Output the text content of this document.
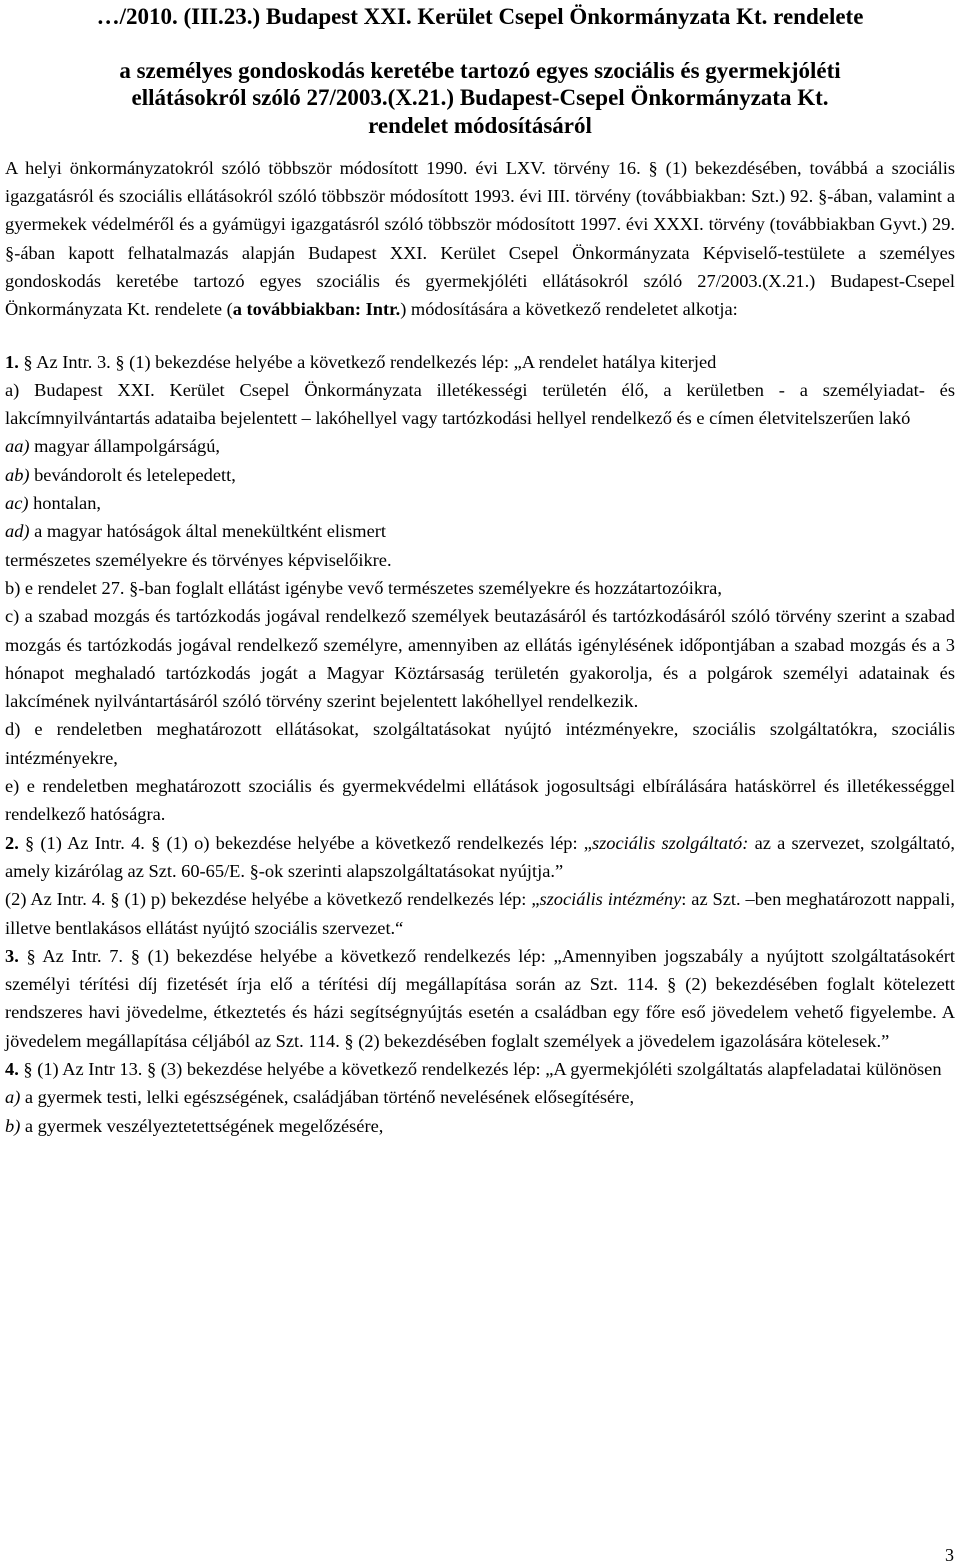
…/2010. (III.23.) Budapest XXI. Kerület Csepel Önkormányzata Kt. rendelete
a személyes gondoskodás keretébe tartozó egyes szociális és gyermekjóléti
ellátásokról szóló 27/2003.(X.21.) Budapest-Csepel Önkormányzata Kt.
rendelet módosításáról

A helyi önkormányzatokról szóló többször módosított 1990. évi LXV. törvény 16. § (1) bekezdésében, továbbá a szociális igazgatásról és szociális ellátásokról szóló többször módosított 1993. évi III. törvény (továbbiakban: Szt.) 92. §-ában, valamint a gyermekek védelméről és a gyámügyi igazgatásról szóló többször módosított 1997. évi XXXI. törvény (továbbiakban Gyvt.) 29. §-ában kapott felhatalmazás alapján Budapest XXI. Kerület Csepel Önkormányzata Képviselő-testülete a személyes gondoskodás keretébe tartozó egyes szociális és gyermekjóléti ellátásokról szóló 27/2003.(X.21.) Budapest-Csepel Önkormányzata Kt. rendelete (a továbbiakban: Intr.) módosítására a következő rendeletet alkotja:

1. § Az Intr. 3. § (1) bekezdése helyébe a következő rendelkezés lép: „A rendelet hatálya kiterjed

a) Budapest XXI. Kerület Csepel Önkormányzata illetékességi területén élő, a kerületben - a személyiadat- és lakcímnyilvántartás adataiba bejelentett – lakóhellyel vagy tartózkodási hellyel rendelkező és e címen életvitelszerűen lakó

aa) magyar állampolgárságú,

ab) bevándorolt és letelepedett,

ac) hontalan,

ad) a magyar hatóságok által menekültként elismert

természetes személyekre és törvényes képviselőikre.

b) e rendelet 27. §-ban foglalt ellátást igénybe vevő természetes személyekre és hozzátartozóikra,

c) a szabad mozgás és tartózkodás jogával rendelkező személyek beutazásáról és tartózkodásáról szóló törvény szerint a szabad mozgás és tartózkodás jogával rendelkező személyre, amennyiben az ellátás igénylésének időpontjában a szabad mozgás és a 3 hónapot meghaladó tartózkodás jogát a Magyar Köztársaság területén gyakorolja, és a polgárok személyi adatainak és lakcímének nyilvántartásáról szóló törvény szerint bejelentett lakóhellyel rendelkezik.

d) e rendeletben meghatározott ellátásokat, szolgáltatásokat nyújtó intézményekre, szociális szolgáltatókra, szociális intézményekre,

e) e rendeletben meghatározott szociális és gyermekvédelmi ellátások jogosultsági elbírálására hatáskörrel és illetékességgel rendelkező hatóságra.

2. § (1) Az Intr. 4. § (1) o) bekezdése helyébe a következő rendelkezés lép: „szociális szolgáltató: az a szervezet, szolgáltató, amely kizárólag az Szt. 60-65/E. §-ok szerinti alapszolgáltatásokat nyújtja.”

(2) Az Intr. 4. § (1) p) bekezdése helyébe a következő rendelkezés lép: „szociális intézmény: az Szt. –ben meghatározott nappali, illetve bentlakásos ellátást nyújtó szociális szervezet.“

3. § Az Intr. 7. § (1) bekezdése helyébe a következő rendelkezés lép: „Amennyiben jogszabály a nyújtott szolgáltatásokért személyi térítési díj fizetését írja elő a térítési díj megállapítása során az Szt. 114. § (2) bekezdésében foglalt kötelezett rendszeres havi jövedelme, étkeztetés és házi segítségnyújtás esetén a családban egy főre eső jövedelem vehető figyelembe. A jövedelem megállapítása céljából az Szt. 114. § (2) bekezdésében foglalt személyek a jövedelem igazolására kötelesek.”

4. § (1) Az Intr 13. § (3) bekezdése helyébe a következő rendelkezés lép: „A gyermekjóléti szolgáltatás alapfeladatai különösen

a) a gyermek testi, lelki egészségének, családjában történő nevelésének elősegítésére,

b) a gyermek veszélyeztetettségének megelőzésére,

3
